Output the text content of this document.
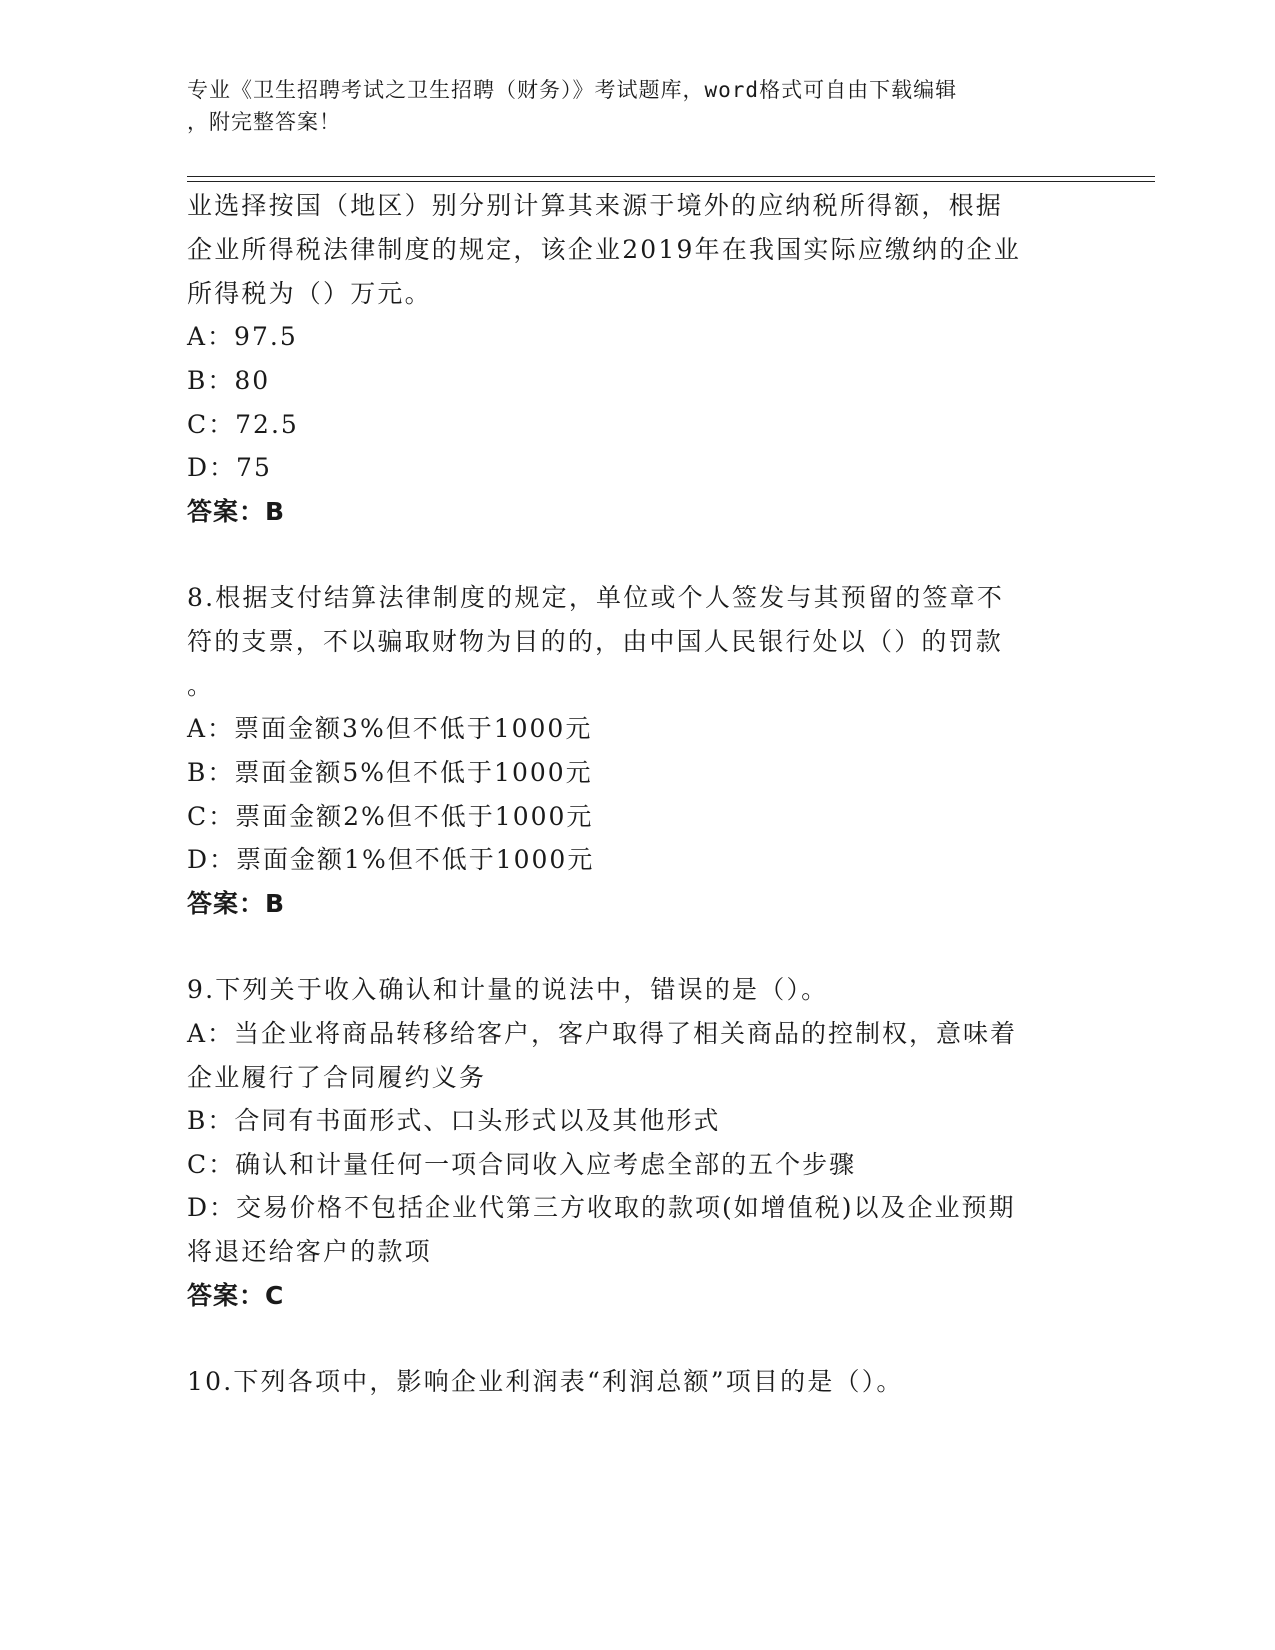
专业《卫生招聘考试之卫生招聘（财务）》考试题库，word格式可自由下载编辑
，附完整答案！
业选择按国（地区）别分别计算其来源于境外的应纳税所得额，根据
企业所得税法律制度的规定，该企业2019年在我国实际应缴纳的企业
所得税为（）万元。
A：97.5
B：80
C：72.5
D：75
答案：B
8.根据支付结算法律制度的规定，单位或个人签发与其预留的签章不
符的支票，不以骗取财物为目的的，由中国人民银行处以（）的罚款
。
A：票面金额3%但不低于1000元
B：票面金额5%但不低于1000元
C：票面金额2%但不低于1000元
D：票面金额1%但不低于1000元
答案：B
9.下列关于收入确认和计量的说法中，错误的是（）。
A：当企业将商品转移给客户，客户取得了相关商品的控制权，意味着
企业履行了合同履约义务
B：合同有书面形式、口头形式以及其他形式
C：确认和计量任何一项合同收入应考虑全部的五个步骤
D：交易价格不包括企业代第三方收取的款项(如增值税)以及企业预期
将退还给客户的款项
答案：C
10.下列各项中，影响企业利润表“利润总额”项目的是（）。
